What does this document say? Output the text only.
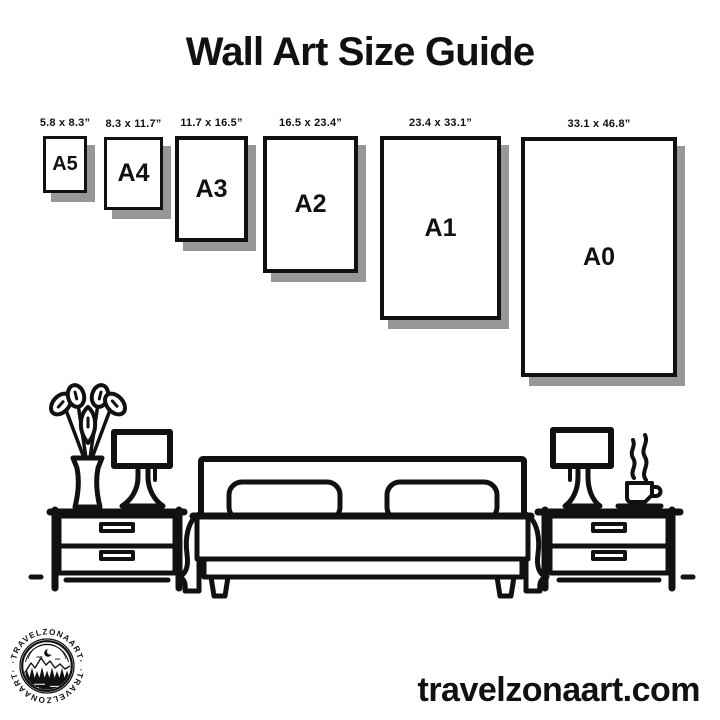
Wall Art Size Guide
A5
5.8 x 8.3”
A4
8.3 x 11.7”
A3
11.7 x 16.5”
A2
16.5 x 23.4”
A1
23.4 x 33.1”
A0
33.1 x 46.8”
·TRAVELZONAART·
·TRAVELZONAART·
travelzonaart.com
